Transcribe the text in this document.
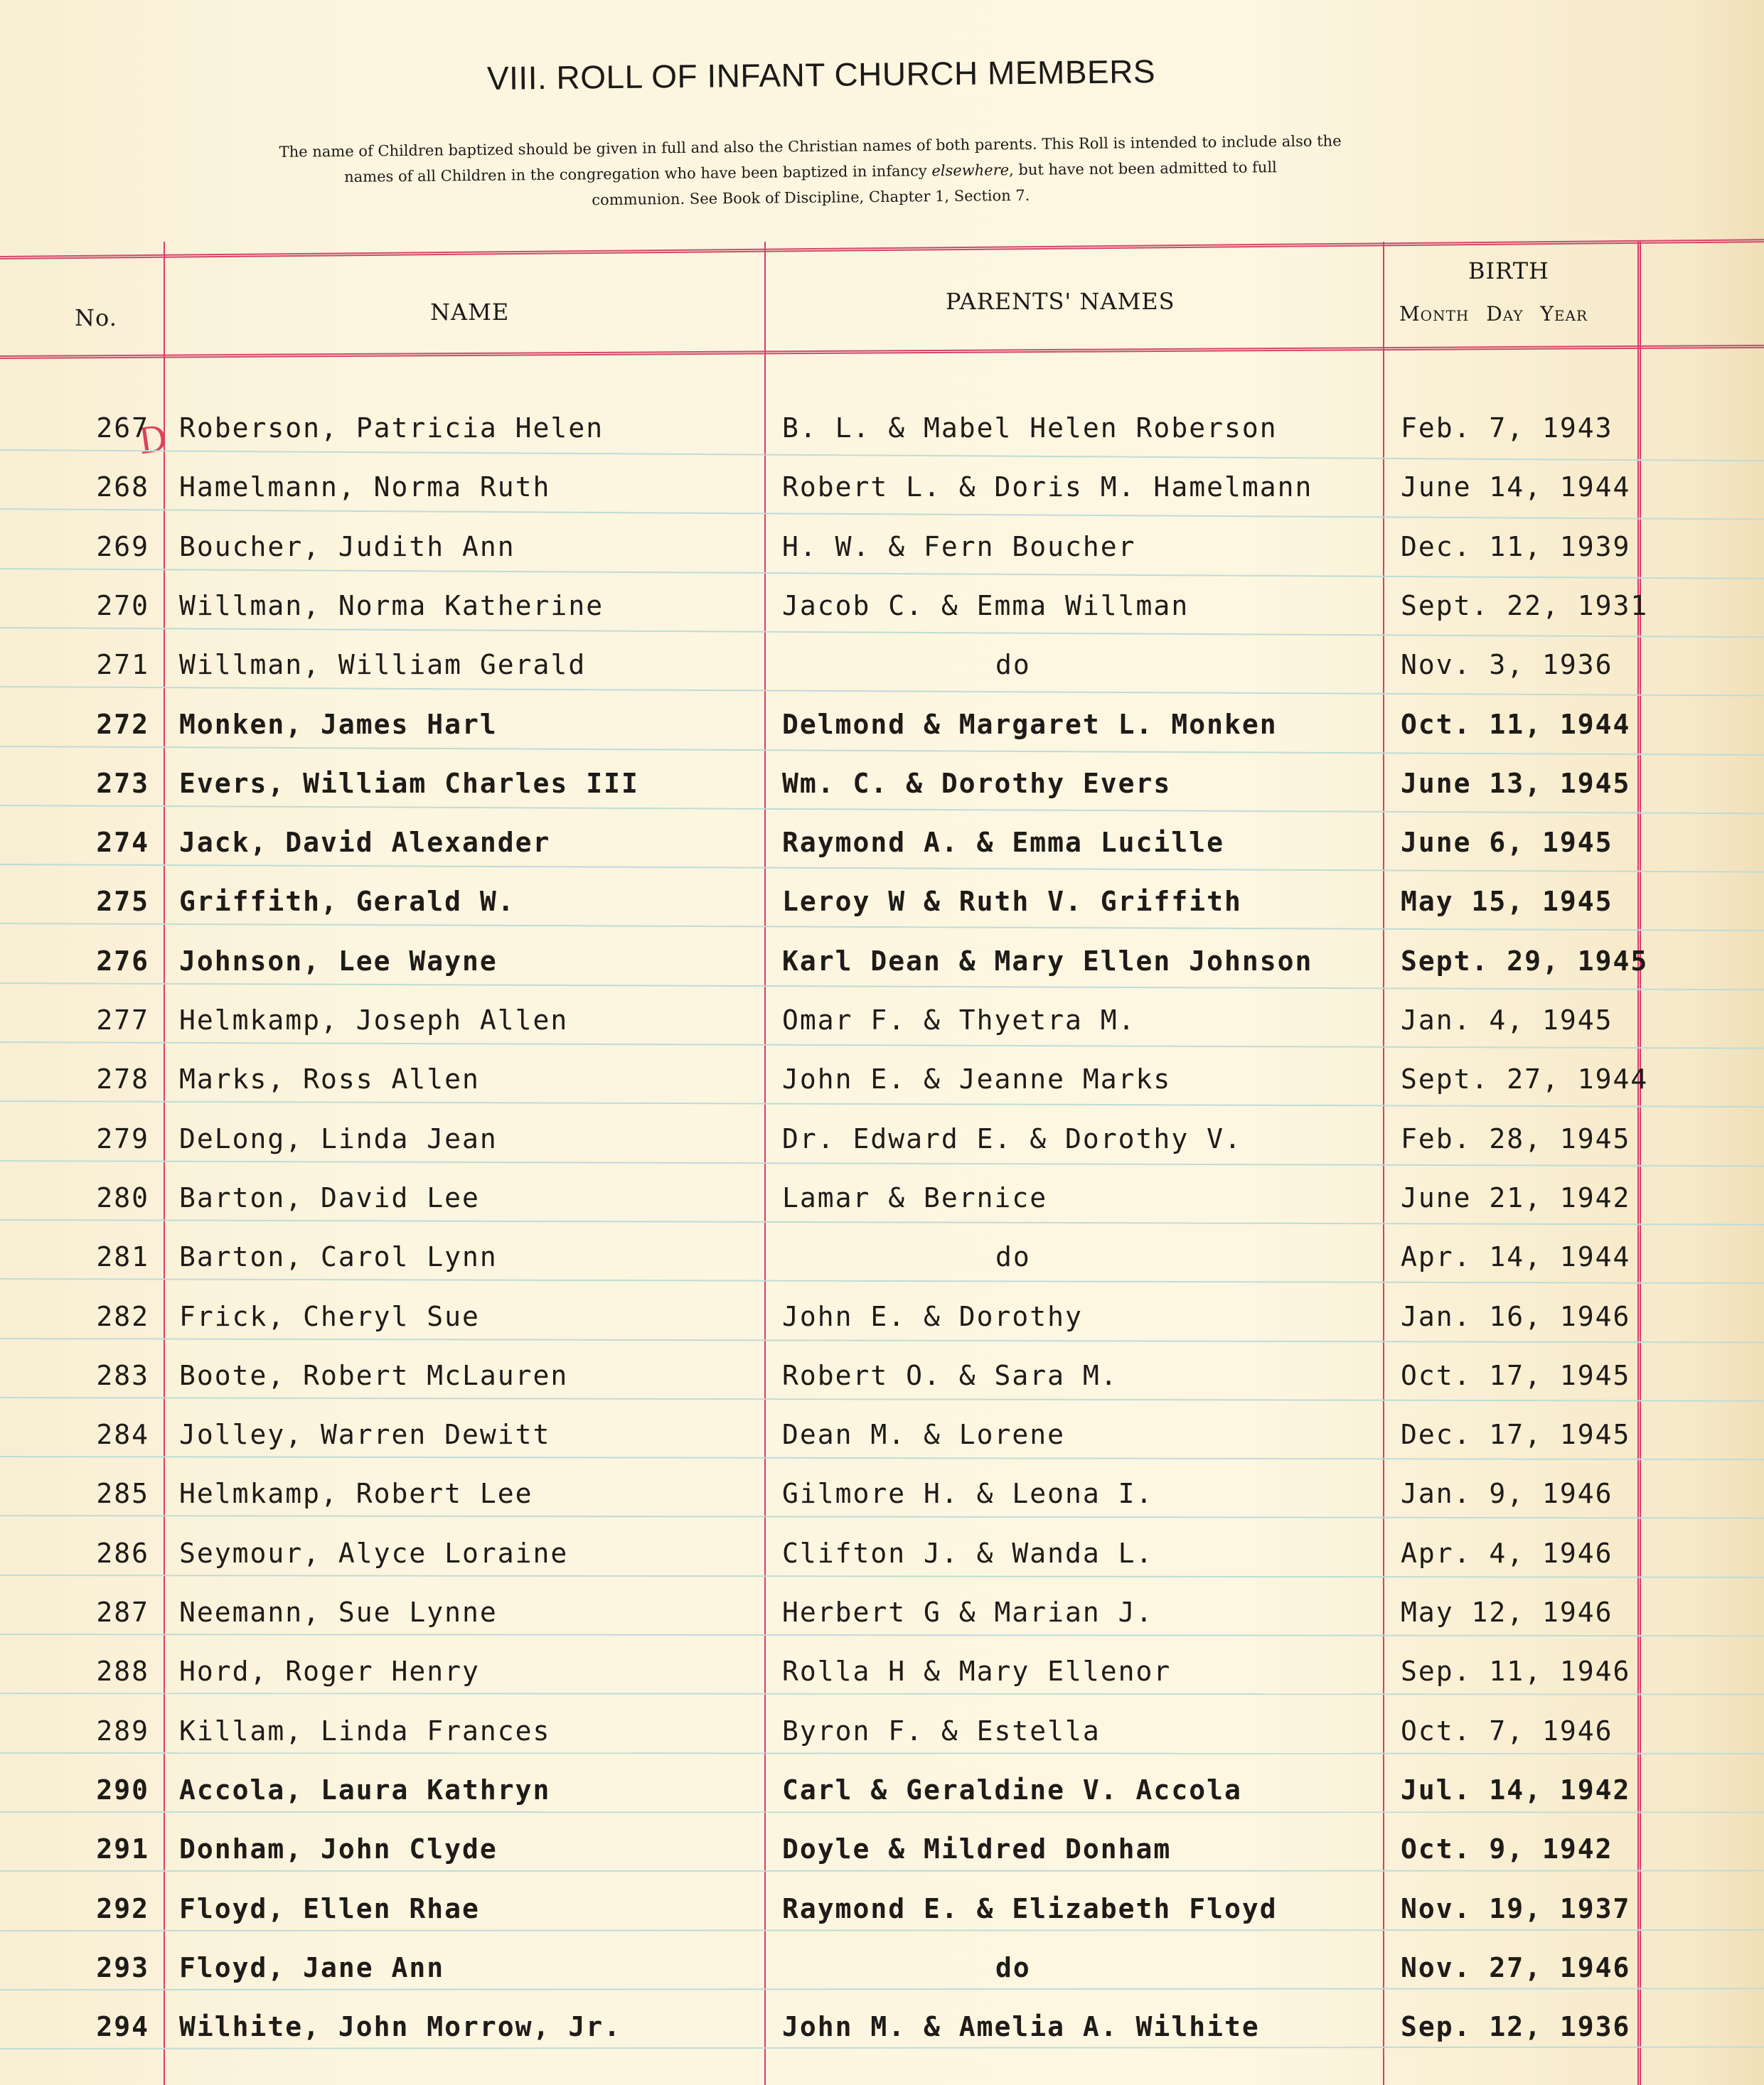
VIII. ROLL OF INFANT CHURCH MEMBERS
The name of Children baptized should be given in full and also the Christian names of both parents. This Roll is intended to include also the
names of all Children in the congregation who have been baptized in infancy elsewhere, but have not been admitted to full
communion. See Book of Discipline, Chapter 1, Section 7.
No.	NAME	PARENTS' NAMES
BIRTH
Month Day Year
D
267 Roberson, Patricia Helen	B. L. & Mabel Helen Roberson	Feb. 7, 1943
268 Hamelmann, Norma Ruth	Robert L. & Doris M. Hamelmann	June 14, 1944
269 Boucher, Judith Ann	H. W. & Fern Boucher	Dec. 11, 1939
270 Willman, Norma Katherine	Jacob C. & Emma Willman	Sept. 22, 1931
271 Willman, William Gerald	do	Nov. 3, 1936
272 Monken, James Harl	Delmond & Margaret L. Monken	Oct. 11, 1944
273 Evers, William Charles III	Wm. C. & Dorothy Evers	June 13, 1945
274 Jack, David Alexander	Raymond A. & Emma Lucille	June 6, 1945
275 Griffith, Gerald W.	Leroy W & Ruth V. Griffith	May 15, 1945
276 Johnson, Lee Wayne	Karl Dean & Mary Ellen Johnson	Sept. 29, 1945
277 Helmkamp, Joseph Allen	Omar F. & Thyetra M.	Jan. 4, 1945
278 Marks, Ross Allen	John E. & Jeanne Marks	Sept. 27, 1944
279 DeLong, Linda Jean	Dr. Edward E. & Dorothy V.	Feb. 28, 1945
280 Barton, David Lee	Lamar & Bernice	June 21, 1942
281 Barton, Carol Lynn	do	Apr. 14, 1944
282 Frick, Cheryl Sue	John E. & Dorothy	Jan. 16, 1946
283 Boote, Robert McLauren	Robert O. & Sara M.	Oct. 17, 1945
284 Jolley, Warren Dewitt	Dean M. & Lorene	Dec. 17, 1945
285 Helmkamp, Robert Lee	Gilmore H. & Leona I.	Jan. 9, 1946
286 Seymour, Alyce Loraine	Clifton J. & Wanda L.	Apr. 4, 1946
287 Neemann, Sue Lynne	Herbert G & Marian J.	May 12, 1946
288 Hord, Roger Henry	Rolla H & Mary Ellenor	Sep. 11, 1946
289 Killam, Linda Frances	Byron F. & Estella	Oct. 7, 1946
290 Accola, Laura Kathryn	Carl & Geraldine V. Accola	Jul. 14, 1942
291 Donham, John Clyde	Doyle & Mildred Donham	Oct. 9, 1942
292 Floyd, Ellen Rhae	Raymond E. & Elizabeth Floyd	Nov. 19, 1937
293 Floyd, Jane Ann	do	Nov. 27, 1946
294 Wilhite, John Morrow, Jr.	John M. & Amelia A. Wilhite	Sep. 12, 1936
